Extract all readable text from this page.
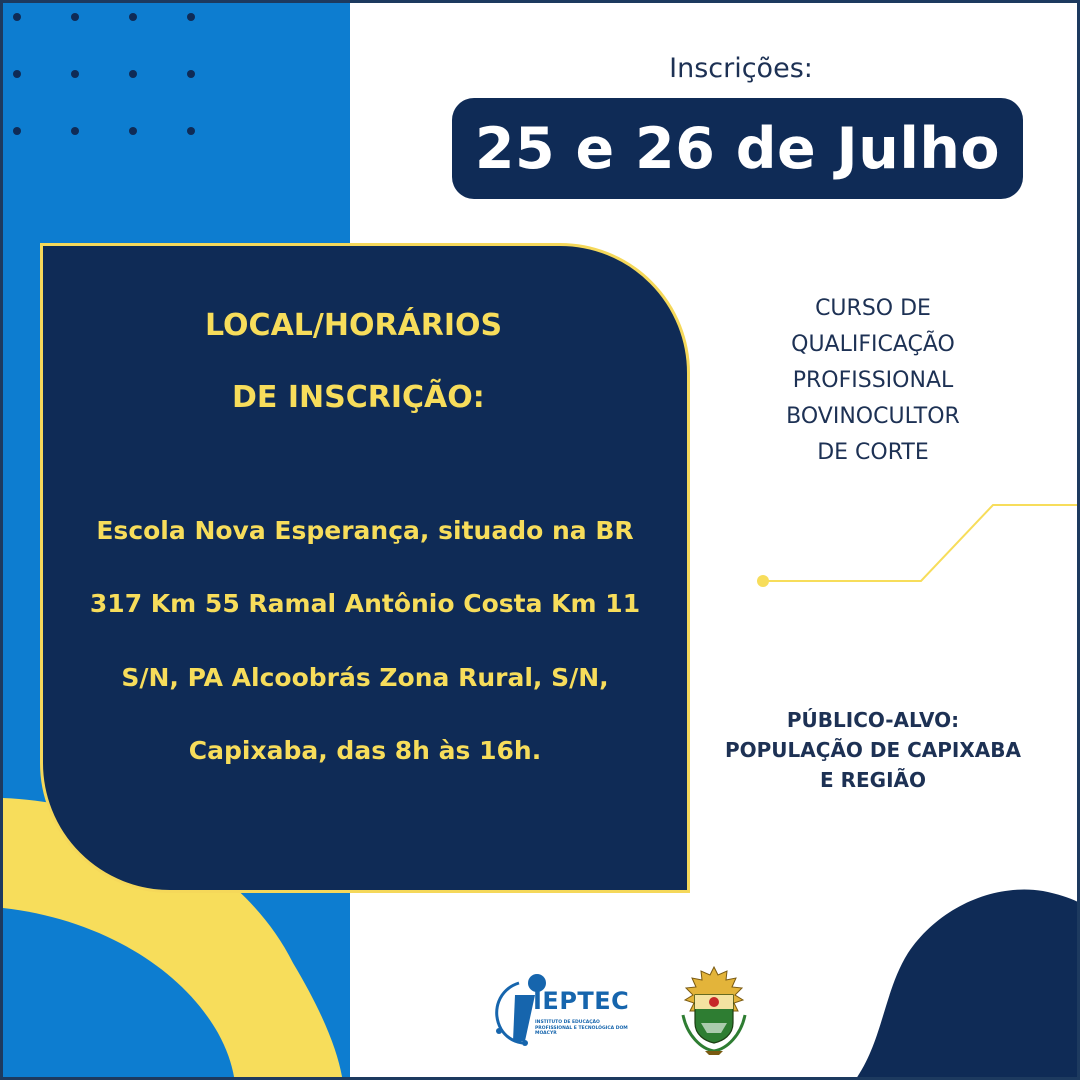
Inscrições:
25 e 26 de Julho
LOCAL/HORÁRIOS
DE INSCRIÇÃO:
Escola Nova Esperança, situado na BR
317 Km 55 Ramal Antônio Costa Km 11
S/N, PA Alcoobrás Zona Rural, S/N,
Capixaba, das 8h às 16h.
CURSO DE
QUALIFICAÇÃO
PROFISSIONAL
BOVINOCULTOR
DE CORTE
PÚBLICO-ALVO:
POPULAÇÃO DE CAPIXABA
E REGIÃO
IEPTEC
INSTITUTO DE EDUCAÇÃO PROFISSIONAL E TECNOLÓGICA DOM MOACYR
